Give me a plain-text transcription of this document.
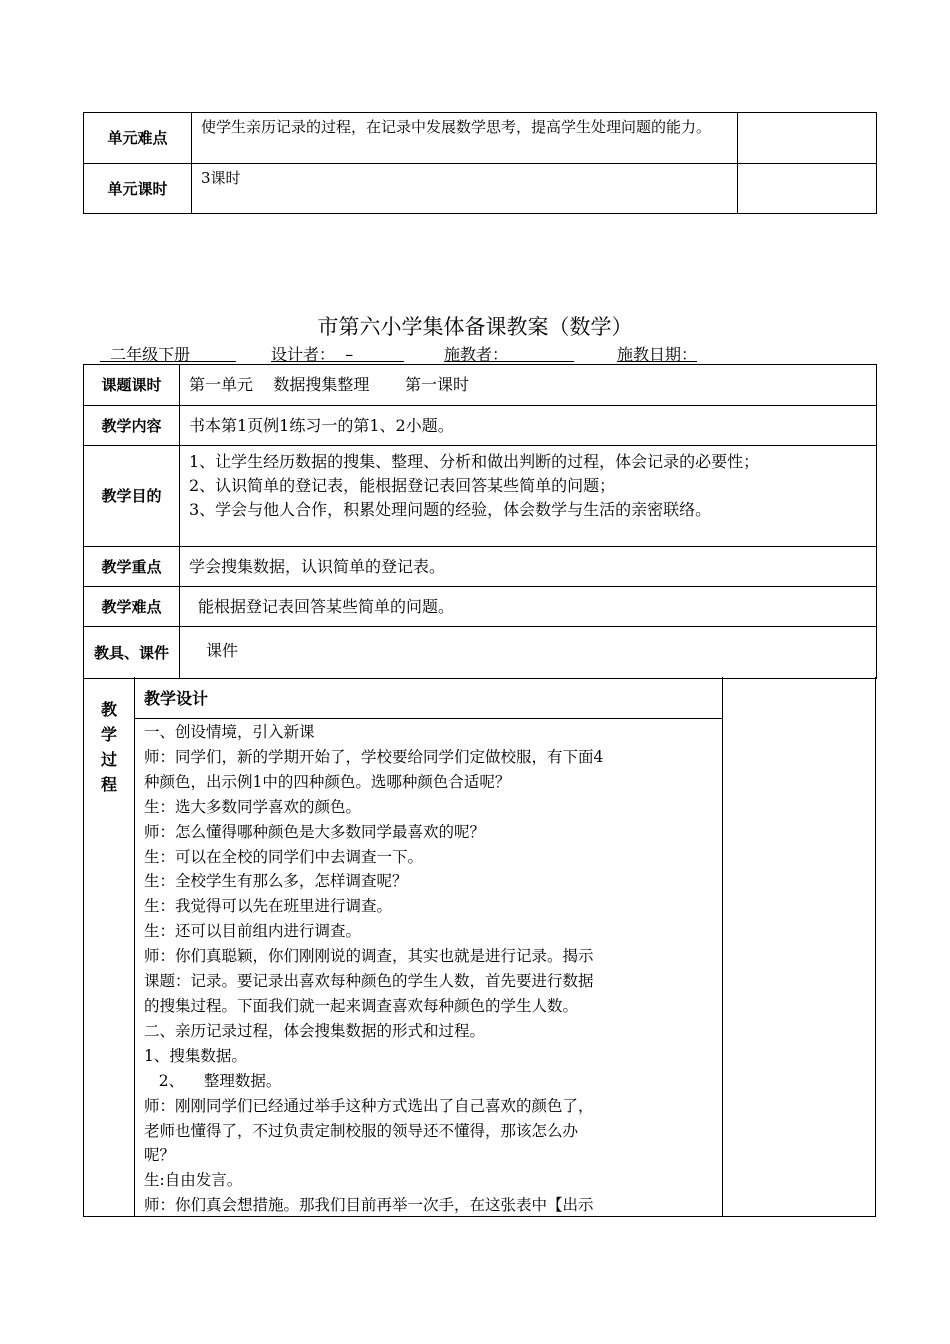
单元难点	使学生亲历记录的过程，在记录中发展数学思考，提高学生处理问题的能力。	

单元课时	3课时	

市第六小学集体备课教案（数学）
二年级下册	设计者： –	施教者：	施教日期：
课题课时	第一单元    数据搜集整理       第一课时

教学内容	书本第1页例1练习一的第1、2小题。

教学目的	1、让学生经历数据的搜集、整理、分析和做出判断的过程，体会记录的必要性；
2、认识简单的登记表，能根据登记表回答某些简单的问题；
3、学会与他人合作，积累处理问题的经验，体会数学与生活的亲密联络。

教学重点	学会搜集数据，认识简单的登记表。

教学难点	能根据登记表回答某些简单的问题。

教具、课件	课件
教
学
过
程
教学设计
一、创设情境，引入新课
师：同学们，新的学期开始了，学校要给同学们定做校服，有下面4
种颜色，出示例1中的四种颜色。选哪种颜色合适呢？
生：选大多数同学喜欢的颜色。
师：怎么懂得哪种颜色是大多数同学最喜欢的呢？
生：可以在全校的同学们中去调查一下。
生：全校学生有那么多，怎样调查呢？
生：我觉得可以先在班里进行调查。
生：还可以目前组内进行调查。
师：你们真聪颖，你们刚刚说的调查，其实也就是进行记录。揭示
课题：记录。要记录出喜欢每种颜色的学生人数，首先要进行数据
的搜集过程。下面我们就一起来调查喜欢每种颜色的学生人数。
二、亲历记录过程，体会搜集数据的形式和过程。
1、搜集数据。
2、    整理数据。
师：刚刚同学们已经通过举手这种方式选出了自己喜欢的颜色了，
老师也懂得了，不过负责定制校服的领导还不懂得，那该怎么办
呢？
生:自由发言。
师：你们真会想措施。那我们目前再举一次手，在这张表中【出示
